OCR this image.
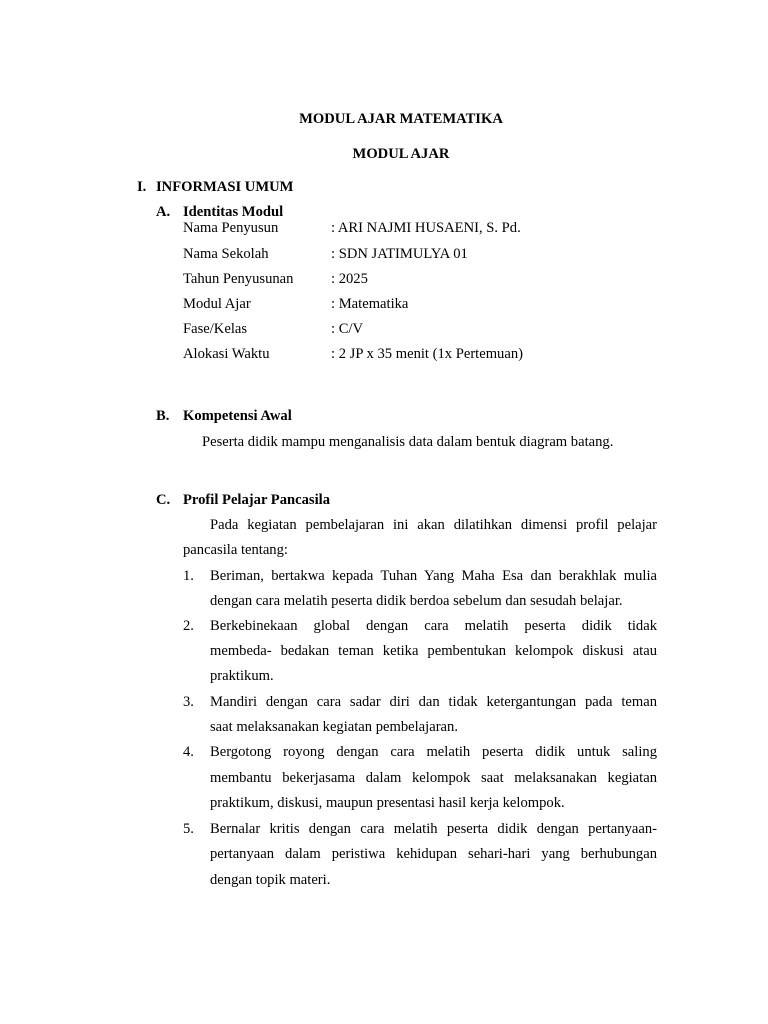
MODUL AJAR MATEMATIKA
MODUL AJAR
I. INFORMASI UMUM
A. Identitas Modul
Nama Penyusun	: ARI NAJMI HUSAENI, S. Pd.
Nama Sekolah	: SDN JATIMULYA 01
Tahun Penyusunan	: 2025
Modul Ajar	: Matematika
Fase/Kelas	: C/V
Alokasi Waktu	: 2 JP x 35 menit (1x Pertemuan)
B. Kompetensi Awal
Peserta didik mampu menganalisis data dalam bentuk diagram batang.
C. Profil Pelajar Pancasila
Pada kegiatan pembelajaran ini akan dilatihkan dimensi profil pelajar
pancasila tentang:
1. Beriman, bertakwa kepada Tuhan Yang Maha Esa dan berakhlak mulia
dengan cara melatih peserta didik berdoa sebelum dan sesudah belajar.
2. Berkebinekaan global dengan cara melatih peserta didik tidak
membeda- bedakan teman ketika pembentukan kelompok diskusi atau
praktikum.
3. Mandiri dengan cara sadar diri dan tidak ketergantungan pada teman
saat melaksanakan kegiatan pembelajaran.
4. Bergotong royong dengan cara melatih peserta didik untuk saling
membantu bekerjasama dalam kelompok saat melaksanakan kegiatan
praktikum, diskusi, maupun presentasi hasil kerja kelompok.
5. Bernalar kritis dengan cara melatih peserta didik dengan pertanyaan-
pertanyaan dalam peristiwa kehidupan sehari-hari yang berhubungan
dengan topik materi.
